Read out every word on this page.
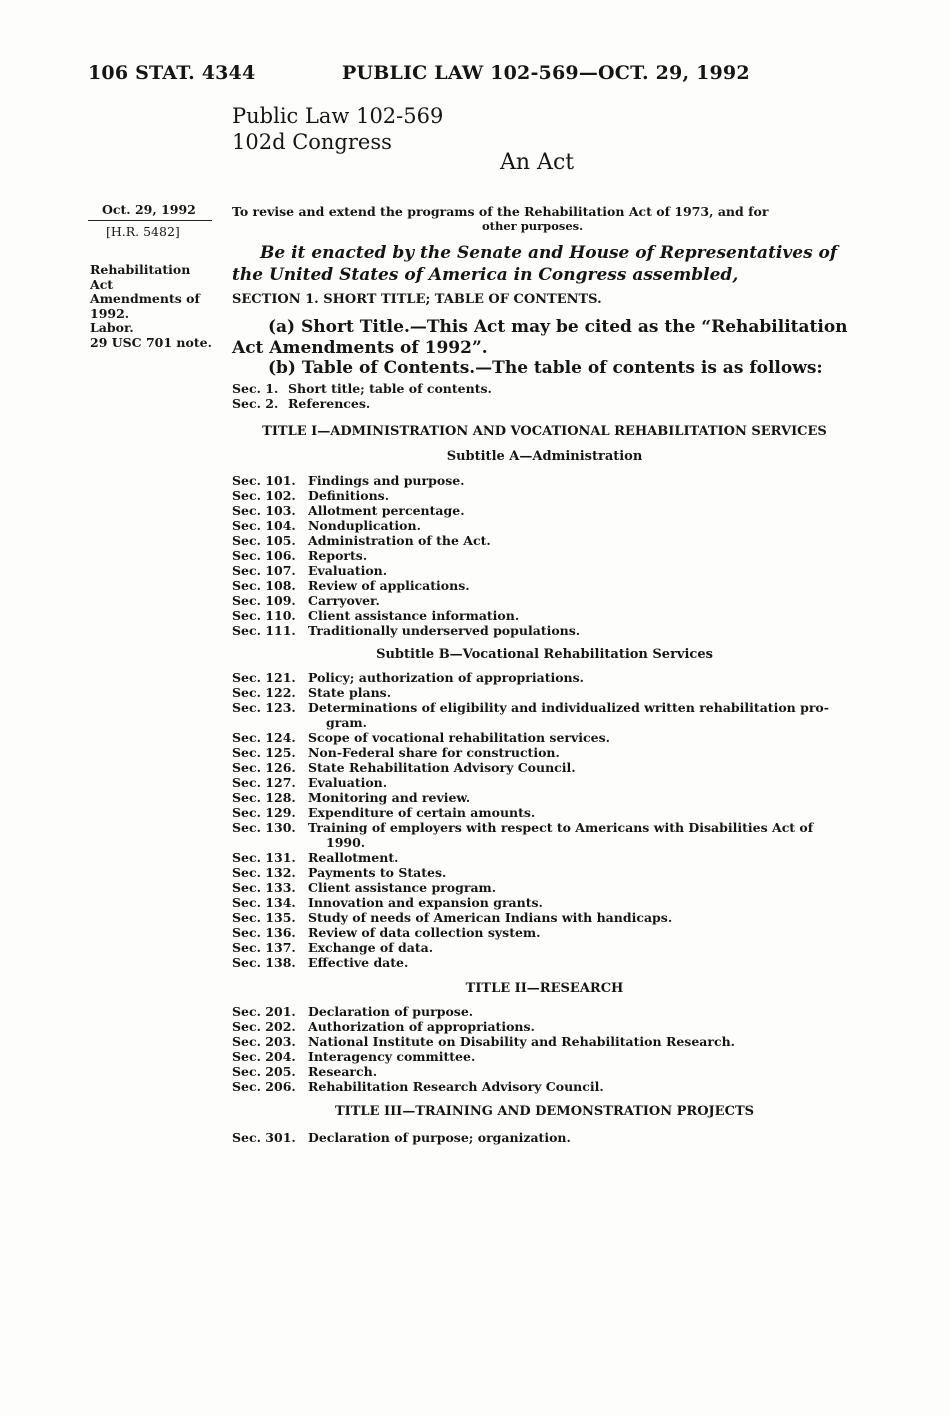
106 STAT. 4344	PUBLIC LAW 102-569—OCT. 29, 1992
Public Law 102-569
102d Congress
An Act
Oct. 29, 1992
[H.R. 5482]
Rehabilitation
Act
Amendments of
1992.
Labor.
29 USC 701 note.
To revise and extend the programs of the Rehabilitation Act of 1973, and for
other purposes.
Be it enacted by the Senate and House of Representatives of
the United States of America in Congress assembled,
SECTION 1. SHORT TITLE; TABLE OF CONTENTS.
(a) Short Title.—This Act may be cited as the “Rehabilitation
Act Amendments of 1992”.
(b) Table of Contents.—The table of contents is as follows:
Sec. 1. Short title; table of contents.
Sec. 2. References.
TITLE I—ADMINISTRATION AND VOCATIONAL REHABILITATION SERVICES
Subtitle A—Administration
Sec. 101. Findings and purpose.
Sec. 102. Definitions.
Sec. 103. Allotment percentage.
Sec. 104. Nonduplication.
Sec. 105. Administration of the Act.
Sec. 106. Reports.
Sec. 107. Evaluation.
Sec. 108. Review of applications.
Sec. 109. Carryover.
Sec. 110. Client assistance information.
Sec. 111. Traditionally underserved populations.
Subtitle B—Vocational Rehabilitation Services
Sec. 121. Policy; authorization of appropriations.
Sec. 122. State plans.
Sec. 123. Determinations of eligibility and individualized written rehabilitation pro-
gram.
Sec. 124. Scope of vocational rehabilitation services.
Sec. 125. Non-Federal share for construction.
Sec. 126. State Rehabilitation Advisory Council.
Sec. 127. Evaluation.
Sec. 128. Monitoring and review.
Sec. 129. Expenditure of certain amounts.
Sec. 130. Training of employers with respect to Americans with Disabilities Act of
1990.
Sec. 131. Reallotment.
Sec. 132. Payments to States.
Sec. 133. Client assistance program.
Sec. 134. Innovation and expansion grants.
Sec. 135. Study of needs of American Indians with handicaps.
Sec. 136. Review of data collection system.
Sec. 137. Exchange of data.
Sec. 138. Effective date.
TITLE II—RESEARCH
Sec. 201. Declaration of purpose.
Sec. 202. Authorization of appropriations.
Sec. 203. National Institute on Disability and Rehabilitation Research.
Sec. 204. Interagency committee.
Sec. 205. Research.
Sec. 206. Rehabilitation Research Advisory Council.
TITLE III—TRAINING AND DEMONSTRATION PROJECTS
Sec. 301. Declaration of purpose; organization.
